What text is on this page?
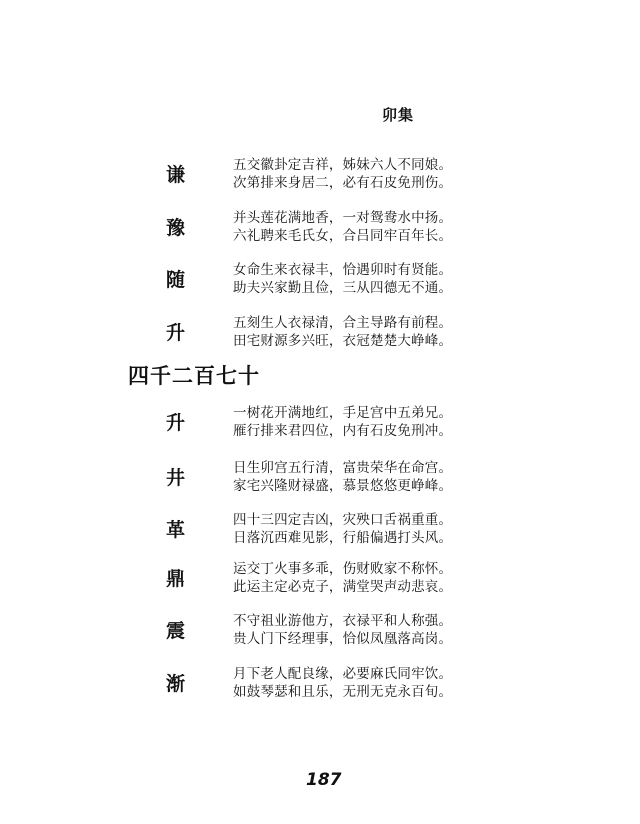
卯集
谦	五交徽卦定吉祥，姊妹六人不同娘。
次第排来身居二，必有石皮免刑伤。
豫	并头莲花满地香，一对鸳鸯水中扬。
六礼聘来毛氏女，合吕同牢百年长。
随	女命生来衣禄丰，恰遇卯时有贤能。
助夫兴家勤且俭，三从四德无不通。
升	五刻生人衣禄清，合主导路有前程。
田宅财源多兴旺，衣冠楚楚大峥峰。
四千二百七十
升	一树花开满地红，手足宫中五弟兄。
雁行排来君四位，内有石皮免刑冲。
井	日生卯宫五行清，富贵荣华在命宫。
家宅兴隆财禄盛，慕景悠悠更峥峰。
革	四十三四定吉凶，灾殃口舌祸重重。
日落沉西难见影，行船偏遇打头风。
鼎	运交丁火事多乖，伤财败家不称怀。
此运主定必克子，满堂哭声动悲哀。
震	不守祖业游他方，衣禄平和人称强。
贵人门下经理事，恰似凤凰落高岗。
渐	月下老人配良缘，必要麻氏同牢饮。
如鼓琴瑟和且乐，无刑无克永百旬。
187
